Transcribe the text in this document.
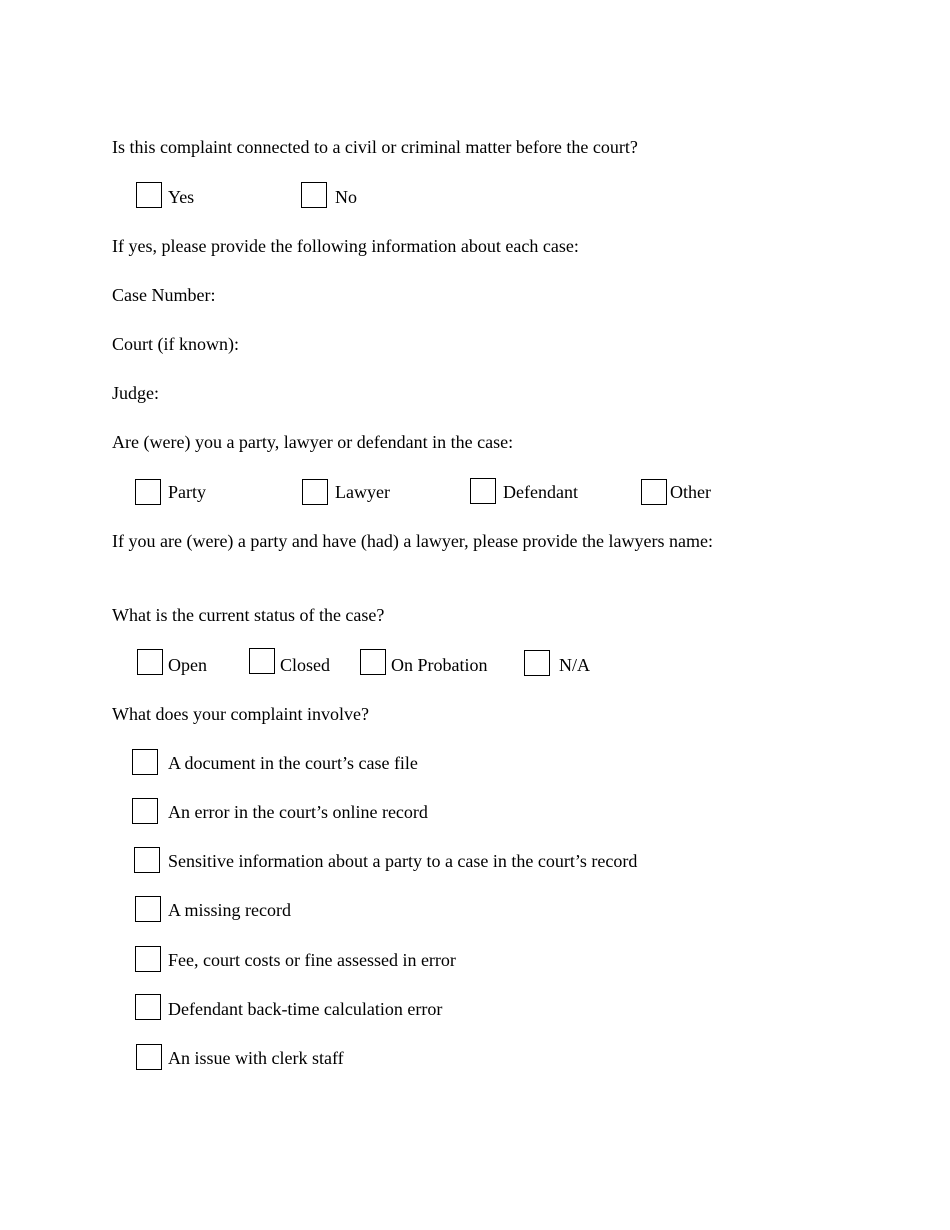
Is this complaint connected to a civil or criminal matter before the court?
Yes	No
If yes, please provide the following information about each case:
Case Number:
Court (if known):
Judge:
Are (were) you a party, lawyer or defendant in the case:
Party	Lawyer	Defendant	Other
If you are (were) a party and have (had) a lawyer, please provide the lawyers name:
What is the current status of the case?
Open	Closed	On Probation	N/A
What does your complaint involve?
A document in the court’s case file
An error in the court’s online record
Sensitive information about a party to a case in the court’s record
A missing record
Fee, court costs or fine assessed in error
Defendant back-time calculation error
An issue with clerk staff
